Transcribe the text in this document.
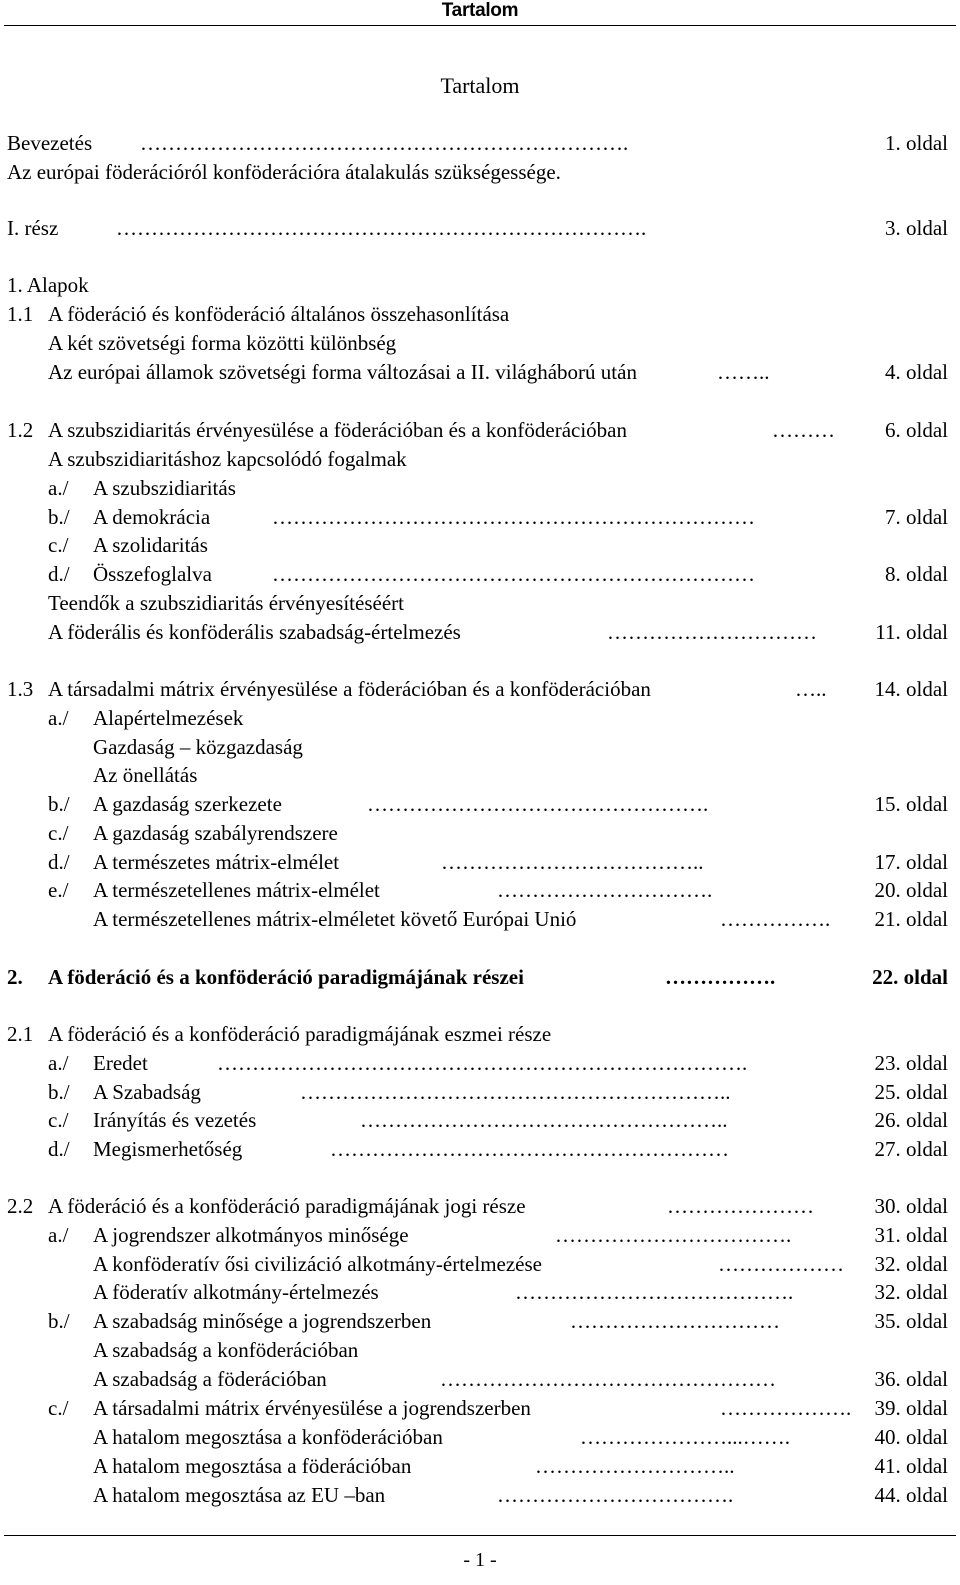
Tartalom
Tartalom
Bevezetés …………………………………………………………….	1. oldal
Az európai föderációról konföderációra átalakulás szükségessége.
I. rész	………………………………………………………………….	3. oldal
1. Alapok
1.1 A föderáció és konföderáció általános összehasonlítása
A két szövetségi forma közötti különbség
Az európai államok szövetségi forma változásai a II. világháború után	……..	4. oldal
1.2 A szubszidiaritás érvényesülése a föderációban és a konföderációban	……… 6. oldal
A szubszidiaritáshoz kapcsolódó fogalmak
a./ A szubszidiaritás
b./ A demokrácia	……………………………………………………………	7. oldal
c./ A szolidaritás
d./ Összefoglalva	……………………………………………………………	8. oldal
Teendők a szubszidiaritás érvényesítéséért
A föderális és konföderális szabadság-értelmezés	…………………………	11. oldal
1.3 A társadalmi mátrix érvényesülése a föderációban és a konföderációban	….. 14. oldal
a./ Alapértelmezések
Gazdaság – közgazdaság
Az önellátás
b./ A gazdaság szerkezete	………………………………………….	15. oldal
c./ A gazdaság szabályrendszere
d./ A természetes mátrix-elmélet	………………………………..	17. oldal
e./ A természetellenes mátrix-elmélet	………………………….	20. oldal
A természetellenes mátrix-elméletet követő Európai Unió	……………. 21. oldal
2. A föderáció és a konföderáció paradigmájának részei	…………….	22. oldal
2.1 A föderáció és a konföderáció paradigmájának eszmei része
a./ Eredet	………………………………………………………………….	23. oldal
b./ A Szabadság	……………………………………………………..	25. oldal
c./ Irányítás és vezetés	……………………………………………..	26. oldal
d./ Megismerhetőség	…………………………………………………	27. oldal
2.2 A föderáció és a konföderáció paradigmájának jogi része	…………………	30. oldal
a./ A jogrendszer alkotmányos minősége	…………………………….	31. oldal
A konföderatív ősi civilizáció alkotmány-értelmezése	……………… 32. oldal
A föderatív alkotmány-értelmezés	………………………………….	32. oldal
b./ A szabadság minősége a jogrendszerben	…………………………	35. oldal
A szabadság a konföderációban
A szabadság a föderációban	…………………………………………	36. oldal
c./ A társadalmi mátrix érvényesülése a jogrendszerben	………………. 39. oldal
A hatalom megosztása a konföderációban	…………………...…….	40. oldal
A hatalom megosztása a föderációban	………………………..	41. oldal
A hatalom megosztása az EU –ban	…………………………….	44. oldal
- 1 -
